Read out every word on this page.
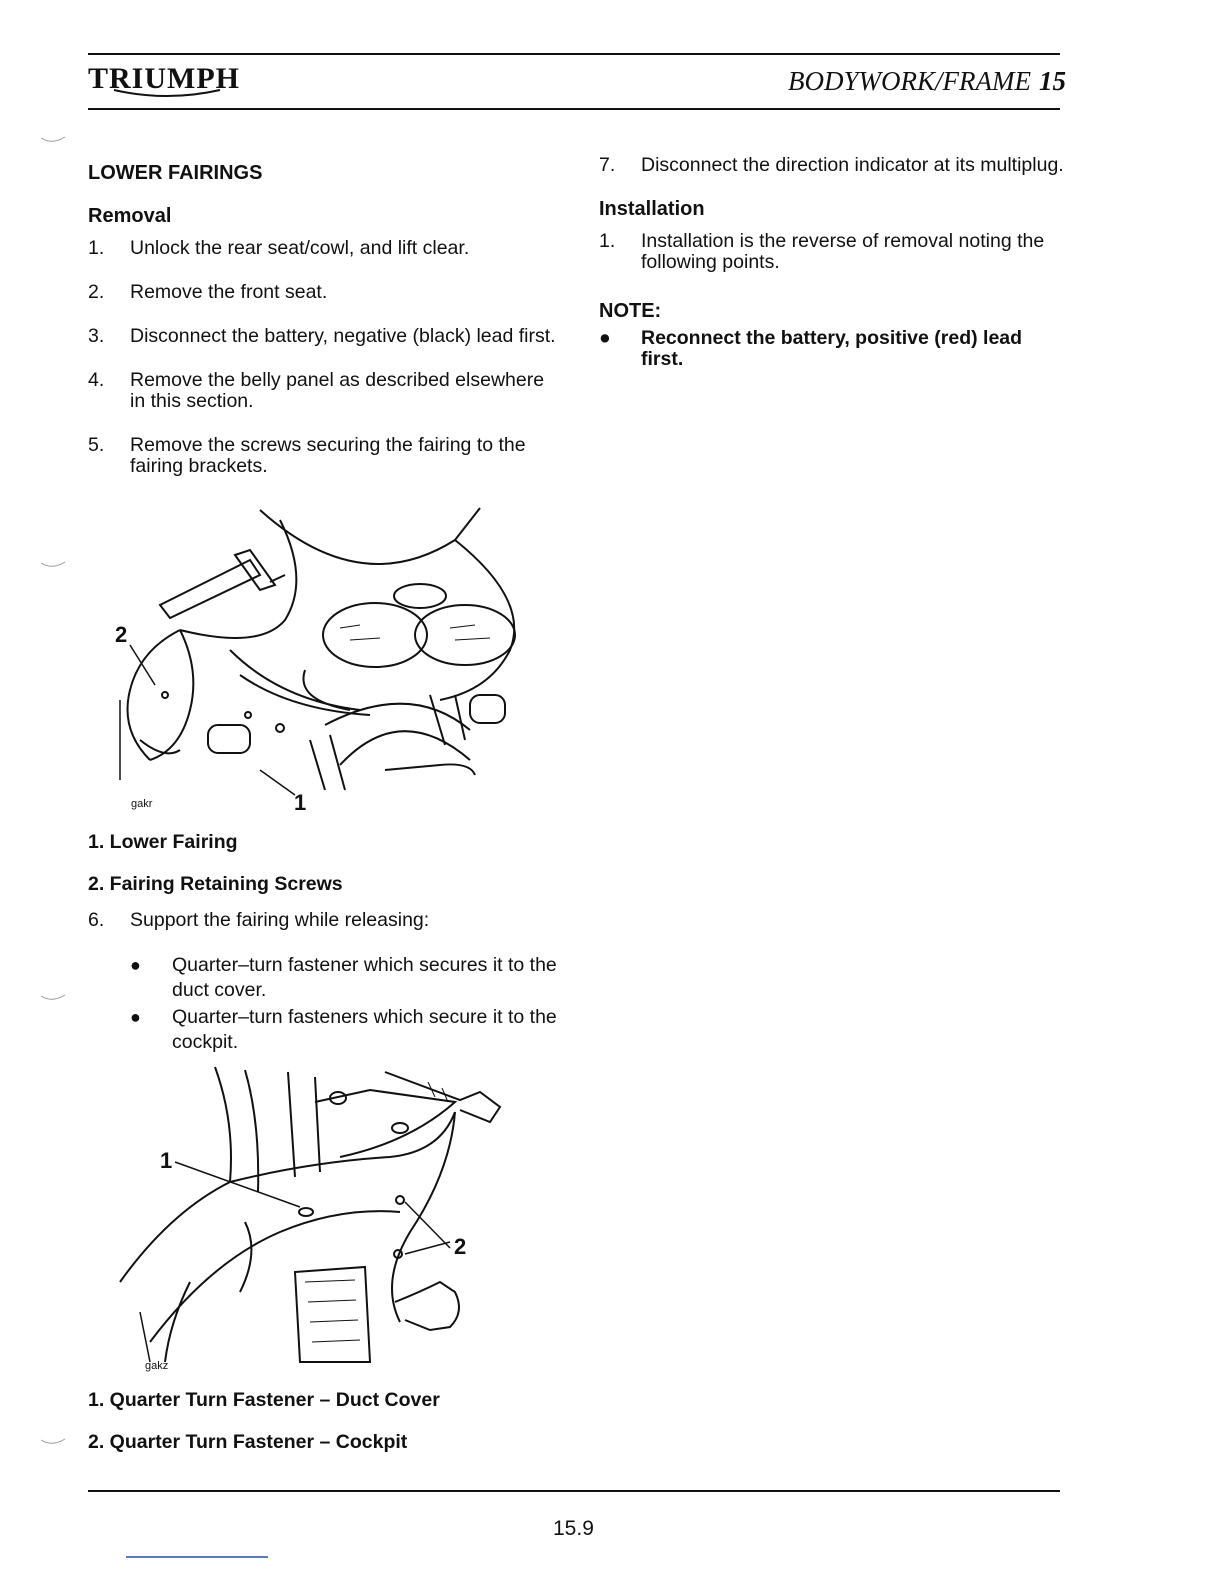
TRIUMPH	BODYWORK/FRAME 15
LOWER FAIRINGS
Removal
1. Unlock the rear seat/cowl, and lift clear.
2. Remove the front seat.
3. Disconnect the battery, negative (black) lead first.
4. Remove the belly panel as described elsewhere in this section.
5. Remove the screws securing the fairing to the fairing brackets.
2
1
gakr
1. Lower Fairing
2. Fairing Retaining Screws
6. Support the fairing while releasing:
● Quarter–turn fastener which secures it to the duct cover.
● Quarter–turn fasteners which secure it to the cockpit.
1
2
gakz
1. Quarter Turn Fastener – Duct Cover
2. Quarter Turn Fastener – Cockpit
7. Disconnect the direction indicator at its multiplug.
Installation
1. Installation is the reverse of removal noting the following points.
NOTE:
● Reconnect the battery, positive (red) lead first.
15.9
